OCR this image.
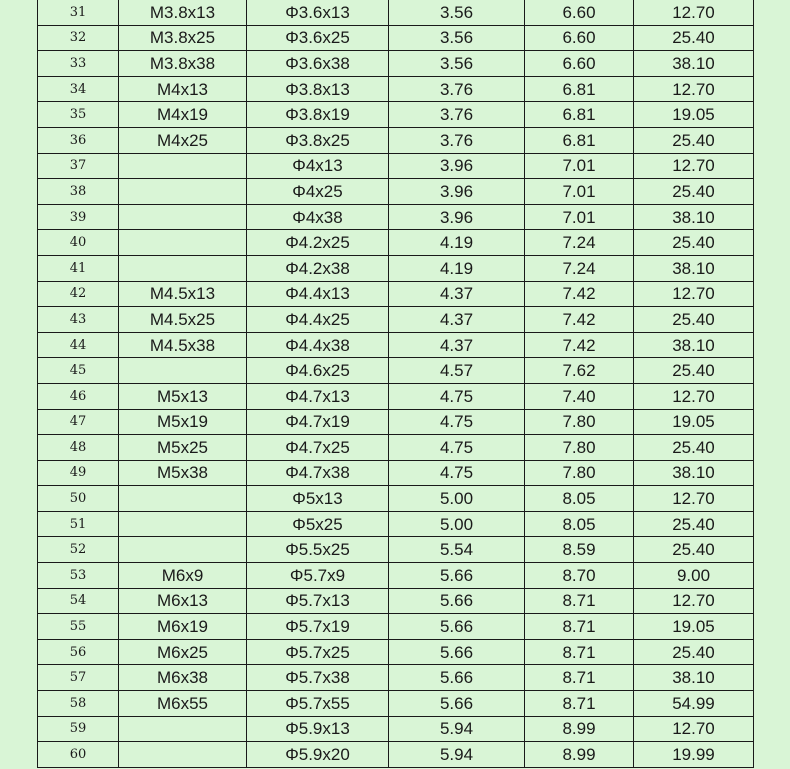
31	M3.8x13	Φ3.6x13	3.56	6.60	12.70
32	M3.8x25	Φ3.6x25	3.56	6.60	25.40
33	M3.8x38	Φ3.6x38	3.56	6.60	38.10
34	M4x13	Φ3.8x13	3.76	6.81	12.70
35	M4x19	Φ3.8x19	3.76	6.81	19.05
36	M4x25	Φ3.8x25	3.76	6.81	25.40
37		Φ4x13	3.96	7.01	12.70
38		Φ4x25	3.96	7.01	25.40
39		Φ4x38	3.96	7.01	38.10
40		Φ4.2x25	4.19	7.24	25.40
41		Φ4.2x38	4.19	7.24	38.10
42	M4.5x13	Φ4.4x13	4.37	7.42	12.70
43	M4.5x25	Φ4.4x25	4.37	7.42	25.40
44	M4.5x38	Φ4.4x38	4.37	7.42	38.10
45		Φ4.6x25	4.57	7.62	25.40
46	M5x13	Φ4.7x13	4.75	7.40	12.70
47	M5x19	Φ4.7x19	4.75	7.80	19.05
48	M5x25	Φ4.7x25	4.75	7.80	25.40
49	M5x38	Φ4.7x38	4.75	7.80	38.10
50		Φ5x13	5.00	8.05	12.70
51		Φ5x25	5.00	8.05	25.40
52		Φ5.5x25	5.54	8.59	25.40
53	M6x9	Φ5.7x9	5.66	8.70	9.00
54	M6x13	Φ5.7x13	5.66	8.71	12.70
55	M6x19	Φ5.7x19	5.66	8.71	19.05
56	M6x25	Φ5.7x25	5.66	8.71	25.40
57	M6x38	Φ5.7x38	5.66	8.71	38.10
58	M6x55	Φ5.7x55	5.66	8.71	54.99
59		Φ5.9x13	5.94	8.99	12.70
60		Φ5.9x20	5.94	8.99	19.99
